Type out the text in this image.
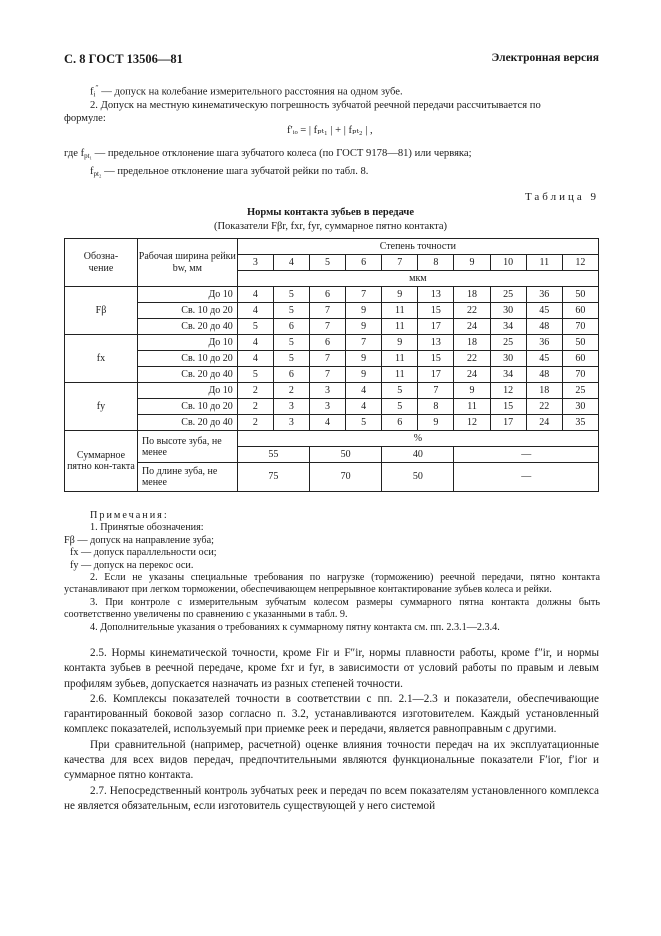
С. 8 ГОСТ 13506—81	Электронная версия
$f_i''$ — допуск на колебание измерительного расстояния на одном зубе.
2. Допуск на местную кинематическую погрешность зубчатой реечной передачи рассчитывается по
формуле:
f′ᵢₒ = | fₚₜ₁ | + | fₚₜ₂ | ,
где $f_{pt_1}$ — предельное отклонение шага зубчатого колеса (по ГОСТ 9178—81) или червяка;
$f_{pt_2}$ — предельное отклонение шага зубчатой рейки по табл. 8.
Таблица 9
Нормы контакта зубьев в передаче
(Показатели Fβr, fxr, fyr, суммарное пятно контакта)
Обозна-
чение	Рабочая ширина рейки bw, мм	Степень точности									
		3	4	5	6	7	8	9	10	11	12
		мкм									
Fβ	До 10	4	5	6	7	9	13	18	25	36	50
	Св. 10 до 20	4	5	7	9	11	15	22	30	45	60
	Св. 20 до 40	5	6	7	9	11	17	24	34	48	70
fx	До 10	4	5	6	7	9	13	18	25	36	50
	Св. 10 до 20	4	5	7	9	11	15	22	30	45	60
	Св. 20 до 40	5	6	7	9	11	17	24	34	48	70
fy	До 10	2	2	3	4	5	7	9	12	18	25
	Св. 10 до 20	2	3	3	4	5	8	11	15	22	30
	Св. 20 до 40	2	3	4	5	6	9	12	17	24	35
Суммарное пятно кон-такта	По высоте зуба, не менее	%									
		55		50		40		—			
	По длине зуба, не менее	75		70		50		—			

Примечания:
1. Принятые обозначения:
Fβ — допуск на направление зуба;
fx — допуск параллельности оси;
fy — допуск на перекос оси.
2. Если не указаны специальные требования по нагрузке (торможению) реечной передачи, пятно контакта устанавливают при легком торможении, обеспечивающем непрерывное контактирование зубьев колеса и рейки.
3. При контроле с измерительным зубчатым колесом размеры суммарного пятна контакта должны быть соответственно увеличены по сравнению с указанными в табл. 9.
4. Дополнительные указания о требованиях к суммарному пятну контакта см. пп. 2.3.1—2.3.4.

2.5. Нормы кинематической точности, кроме Fir и F″ir, нормы плавности работы, кроме f″ir, и нормы контакта зубьев в реечной передаче, кроме fxr и fyr, в зависимости от условий работы по правым и левым профилям зубьев, допускается назначать из разных степеней точности.

2.6. Комплексы показателей точности в соответствии с пп. 2.1—2.3 и показатели, обеспечивающие гарантированный боковой зазор согласно п. 3.2, устанавливаются изготовителем. Каждый установленный комплекс показателей, используемый при приемке реек и передачи, является равноправным с другими.

При сравнительной (например, расчетной) оценке влияния точности передач на их эксплуатационные качества для всех видов передач, предпочтительными являются функциональные показатели F′ior, f′ior и суммарное пятно контакта.

2.7. Непосредственный контроль зубчатых реек и передач по всем показателям установленного комплекса не является обязательным, если изготовитель существующей у него системой
